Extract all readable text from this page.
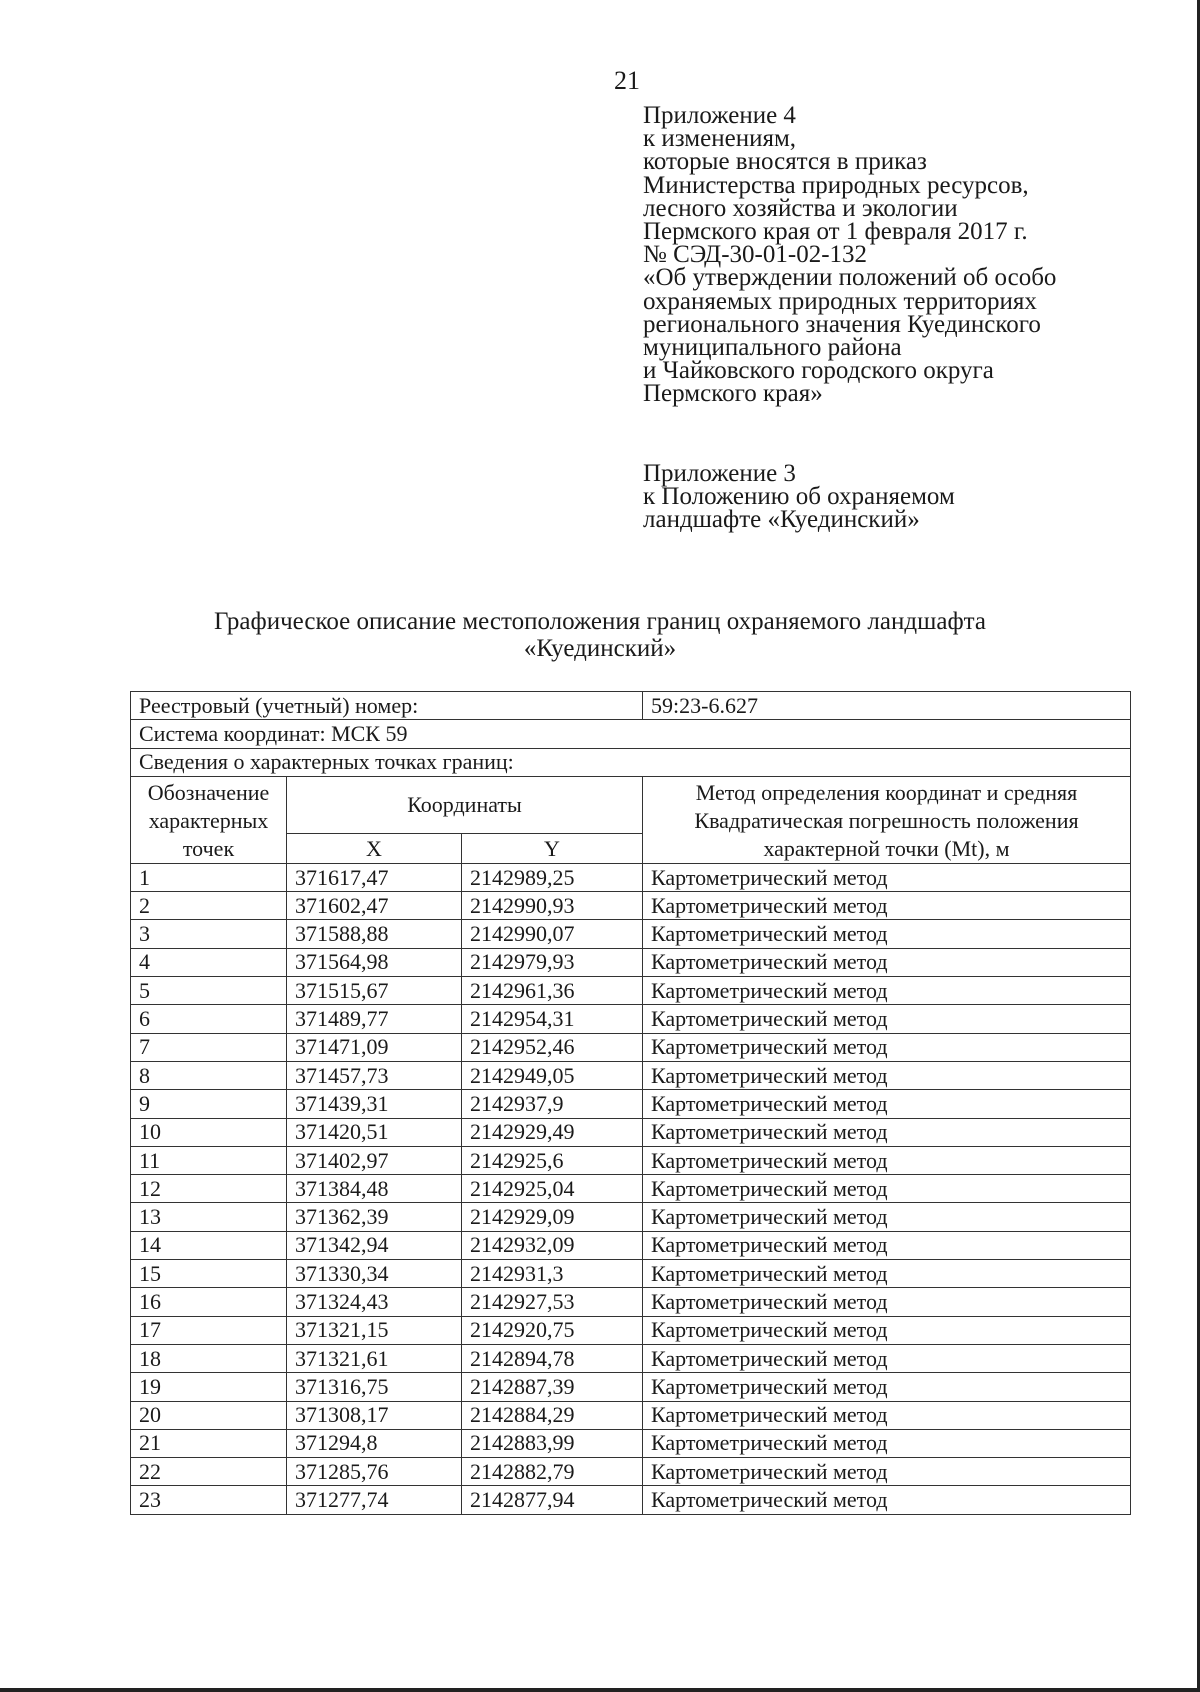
21
Приложение 4
к изменениям,
которые вносятся в приказ
Министерства природных ресурсов,
лесного хозяйства и экологии
Пермского края от 1 февраля 2017 г.
№ СЭД-30-01-02-132
«Об утверждении положений об особо
охраняемых природных территориях
регионального значения Куединского
муниципального района
и Чайковского городского округа
Пермского края»
Приложение 3
к Положению об охраняемом
ландшафте «Куединский»
Графическое описание местоположения границ охраняемого ландшафта
«Куединский»
Реестровый (учетный) номер:			59:23-6.627
Система координат: МСК 59			
Сведения о характерных точках границ:			
Обозначение характерных точек	Координаты		Метод определения координат и средняя Квадратическая погрешность положения характерной точки (Mt), м
	X	Y	
1	371617,47	2142989,25	Картометрический метод
2	371602,47	2142990,93	Картометрический метод
3	371588,88	2142990,07	Картометрический метод
4	371564,98	2142979,93	Картометрический метод
5	371515,67	2142961,36	Картометрический метод
6	371489,77	2142954,31	Картометрический метод
7	371471,09	2142952,46	Картометрический метод
8	371457,73	2142949,05	Картометрический метод
9	371439,31	2142937,9	Картометрический метод
10	371420,51	2142929,49	Картометрический метод
11	371402,97	2142925,6	Картометрический метод
12	371384,48	2142925,04	Картометрический метод
13	371362,39	2142929,09	Картометрический метод
14	371342,94	2142932,09	Картометрический метод
15	371330,34	2142931,3	Картометрический метод
16	371324,43	2142927,53	Картометрический метод
17	371321,15	2142920,75	Картометрический метод
18	371321,61	2142894,78	Картометрический метод
19	371316,75	2142887,39	Картометрический метод
20	371308,17	2142884,29	Картометрический метод
21	371294,8	2142883,99	Картометрический метод
22	371285,76	2142882,79	Картометрический метод
23	371277,74	2142877,94	Картометрический метод
